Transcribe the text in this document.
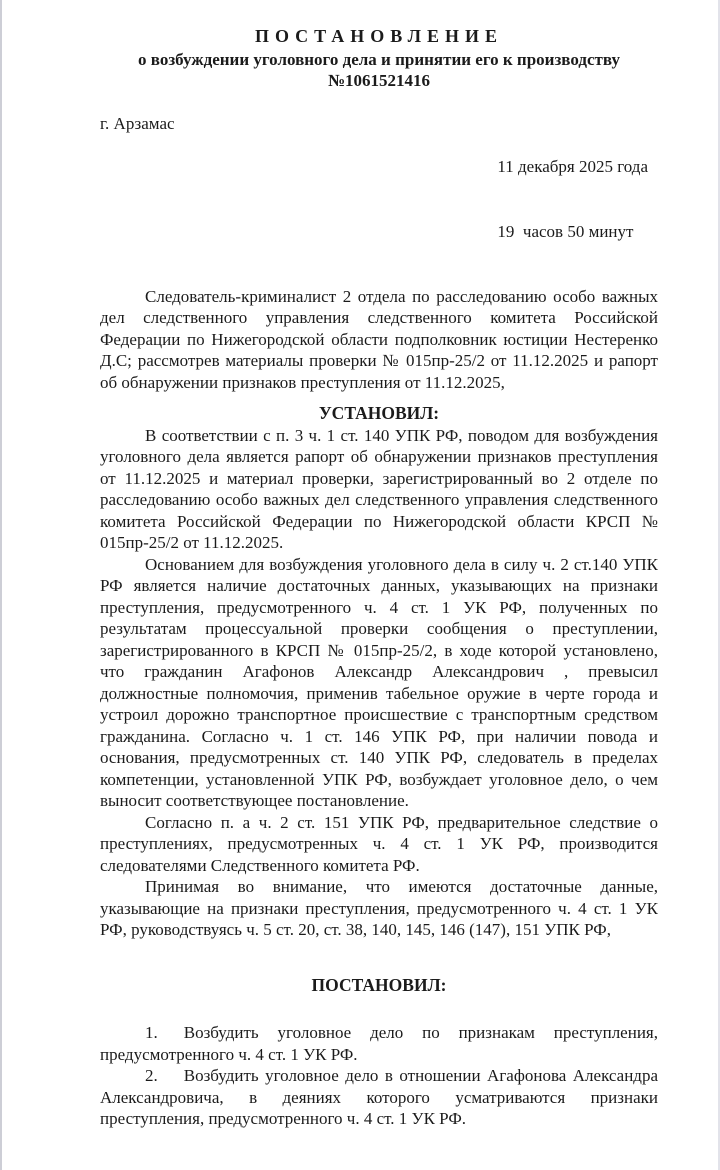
ПОСТАНОВЛЕНИЕ
о возбуждении уголовного дела и принятии его к производству
№1061521416
г. Арзамас

11 декабря 2025 года

19  часов 50 минут

Следователь-криминалист 2 отдела по расследованию особо важных дел следственного управления следственного комитета Российской Федерации по Нижегородской области подполковник юстиции Нестеренко Д.С; рассмотрев материалы проверки № 015пр-25/2 от 11.12.2025 и рапорт об обнаружении признаков преступления от 11.12.2025,

УСТАНОВИЛ:

В соответствии с п. 3 ч. 1 ст. 140 УПК РФ, поводом для возбуждения уголовного дела является рапорт об обнаружении признаков преступления от 11.12.2025 и материал проверки, зарегистрированный во 2 отделе по расследованию особо важных дел следственного управления следственного комитета Российской Федерации по Нижегородской области КРСП № 015пр-25/2 от 11.12.2025.

Основанием для возбуждения уголовного дела в силу ч. 2 ст.140 УПК РФ является наличие достаточных данных, указывающих на признаки преступления, предусмотренного ч. 4 ст. 1 УК РФ, полученных по результатам процессуальной проверки сообщения о преступлении, зарегистрированного в КРСП № 015пр-25/2, в ходе которой установлено, что гражданин Агафонов Александр Александрович , превысил должностные полномочия, применив табельное оружие в черте города и устроил дорожно транспортное происшествие с транспортным средством гражданина. Согласно ч. 1 ст. 146 УПК РФ, при наличии повода и основания, предусмотренных ст. 140 УПК РФ, следователь в пределах компетенции, установленной УПК РФ, возбуждает уголовное дело, о чем выносит соответствующее постановление.

Согласно п. а ч. 2 ст. 151 УПК РФ, предварительное следствие о преступлениях, предусмотренных ч. 4 ст. 1 УК РФ, производится следователями Следственного комитета РФ.

Принимая во внимание, что имеются достаточные данные, указывающие на признаки преступления, предусмотренного ч. 4 ст. 1 УК РФ, руководствуясь ч. 5 ст. 20, ст. 38, 140, 145, 146 (147), 151 УПК РФ,

ПОСТАНОВИЛ:

1. Возбудить уголовное дело по признакам преступления, предусмотренного ч. 4 ст. 1 УК РФ.

2. Возбудить уголовное дело в отношении Агафонова Александра Александровича, в деяниях которого усматриваются признаки преступления, предусмотренного ч. 4 ст. 1 УК РФ.
